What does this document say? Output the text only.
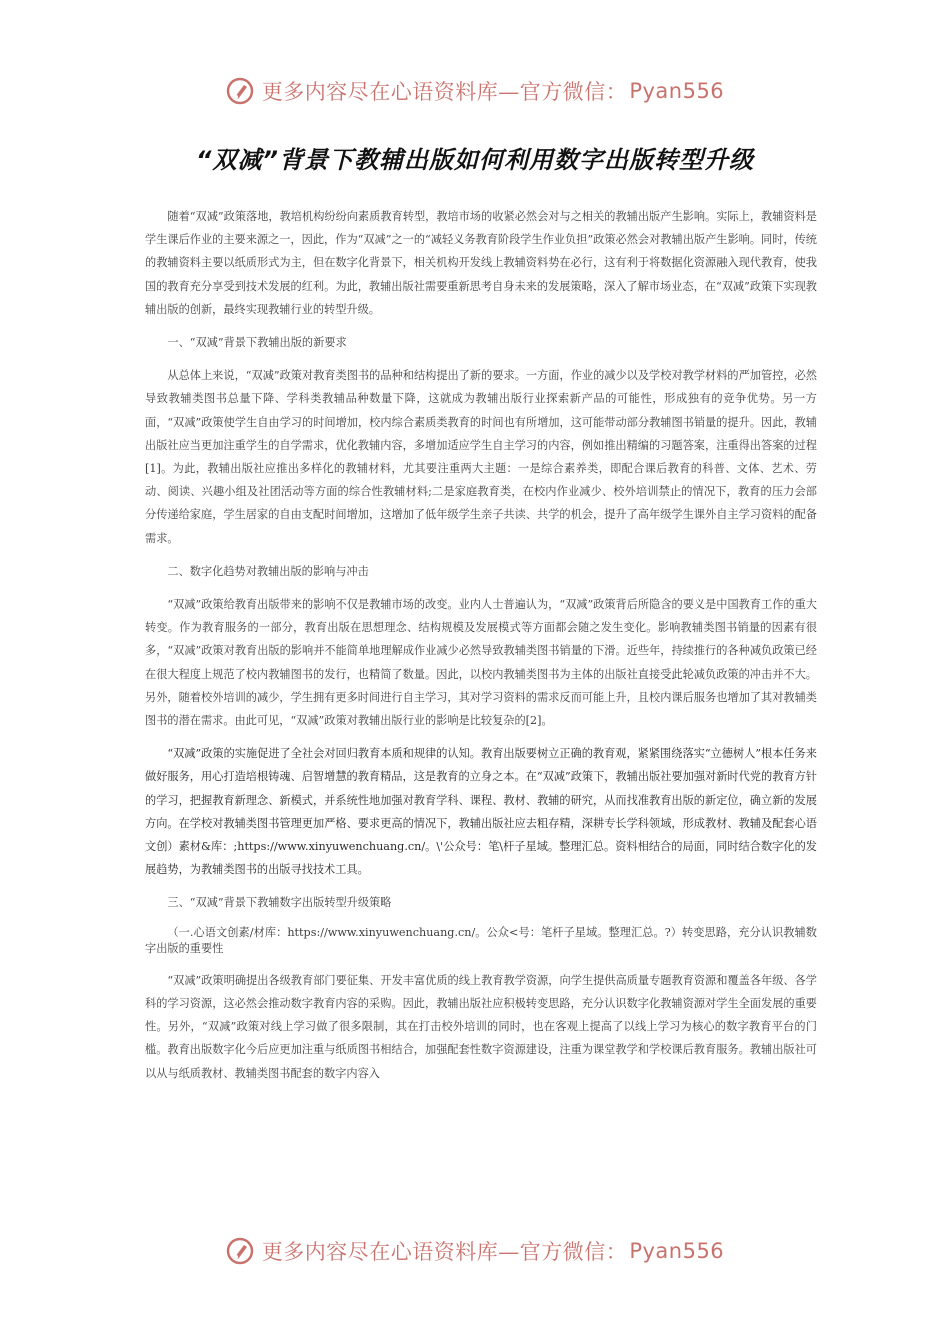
更多内容尽在心语资料库—官方微信： Pyan556
“双减”背景下教辅出版如何利用数字出版转型升级

随着“双减”政策落地，教培机构纷纷向素质教育转型，教培市场的收紧必然会对与之相关的教辅出版产生影响。实际上，教辅资料是学生课后作业的主要来源之一，因此，作为“双减”之一的“减轻义务教育阶段学生作业负担”政策必然会对教辅出版产生影响。同时，传统的教辅资料主要以纸质形式为主，但在数字化背景下，相关机构开发线上教辅资料势在必行，这有利于将数据化资源融入现代教育，使我国的教育充分享受到技术发展的红利。为此，教辅出版社需要重新思考自身未来的发展策略，深入了解市场业态，在“双减”政策下实现教辅出版的创新，最终实现教辅行业的转型升级。

一、“双减”背景下教辅出版的新要求

从总体上来说，“双减”政策对教育类图书的品种和结构提出了新的要求。一方面，作业的减少以及学校对教学材料的严加管控，必然导致教辅类图书总量下降、学科类教辅品种数量下降，这就成为教辅出版行业探索新产品的可能性，形成独有的竞争优势。另一方面，“双减”政策使学生自由学习的时间增加，校内综合素质类教育的时间也有所增加，这可能带动部分教辅图书销量的提升。因此，教辅出版社应当更加注重学生的自学需求，优化教辅内容，多增加适应学生自主学习的内容，例如推出精编的习题答案，注重得出答案的过程[1]。为此，教辅出版社应推出多样化的教辅材料，尤其要注重两大主题：一是综合素养类，即配合课后教育的科普、文体、艺术、劳动、阅读、兴趣小组及社团活动等方面的综合性教辅材料;二是家庭教育类，在校内作业减少、校外培训禁止的情况下，教育的压力会部分传递给家庭，学生居家的自由支配时间增加，这增加了低年级学生亲子共读、共学的机会，提升了高年级学生课外自主学习资料的配备需求。

二、数字化趋势对教辅出版的影响与冲击

“双减”政策给教育出版带来的影响不仅是教辅市场的改变。业内人士普遍认为，“双减”政策背后所隐含的要义是中国教育工作的重大转变。作为教育服务的一部分，教育出版在思想理念、结构规模及发展模式等方面都会随之发生变化。影响教辅类图书销量的因素有很多，“双减”政策对教育出版的影响并不能简单地理解成作业减少必然导致教辅类图书销量的下滑。近些年，持续推行的各种减负政策已经在很大程度上规范了校内教辅图书的发行，也精简了数量。因此，以校内教辅类图书为主体的出版社直接受此轮减负政策的冲击并不大。另外，随着校外培训的减少，学生拥有更多时间进行自主学习，其对学习资料的需求反而可能上升，且校内课后服务也增加了其对教辅类图书的潜在需求。由此可见，“双减”政策对教辅出版行业的影响是比较复杂的[2]。

“双减”政策的实施促进了全社会对回归教育本质和规律的认知。教育出版要树立正确的教育观，紧紧围绕落实“立德树人”根本任务来做好服务，用心打造培根铸魂、启智增慧的教育精品，这是教育的立身之本。在“双减”政策下，教辅出版社要加强对新时代党的教育方针的学习，把握教育新理念、新模式，并系统性地加强对教育学科、课程、教材、教辅的研究，从而找准教育出版的新定位，确立新的发展方向。在学校对教辅类图书管理更加严格、要求更高的情况下，教辅出版社应去粗存精，深耕专长学科领域，形成教材、教辅及配套心语文创）素材&库：;https://www.xinyuwenchuang.cn/。\'公众号：笔\杆子星域。整理汇总。资料相结合的局面，同时结合数字化的发展趋势，为教辅类图书的出版寻找技术工具。

三、“双减”背景下教辅数字出版转型升级策略

（一.心语文创素/材库：https://www.xinyuwenchuang.cn/。公众<号：笔杆子星域。整理汇总。?）转变思路，充分认识教辅数字出版的重要性

“双减”政策明确提出各级教育部门要征集、开发丰富优质的线上教育教学资源，向学生提供高质量专题教育资源和覆盖各年级、各学科的学习资源，这必然会推动数字教育内容的采购。因此，教辅出版社应积极转变思路，充分认识数字化教辅资源对学生全面发展的重要性。另外，“双减”政策对线上学习做了很多限制，其在打击校外培训的同时，也在客观上提高了以线上学习为核心的数字教育平台的门槛。教育出版数字化今后应更加注重与纸质图书相结合，加强配套性数字资源建设，注重为课堂教学和学校课后教育服务。教辅出版社可以从与纸质教材、教辅类图书配套的数字内容入

更多内容尽在心语资料库—官方微信： Pyan556
